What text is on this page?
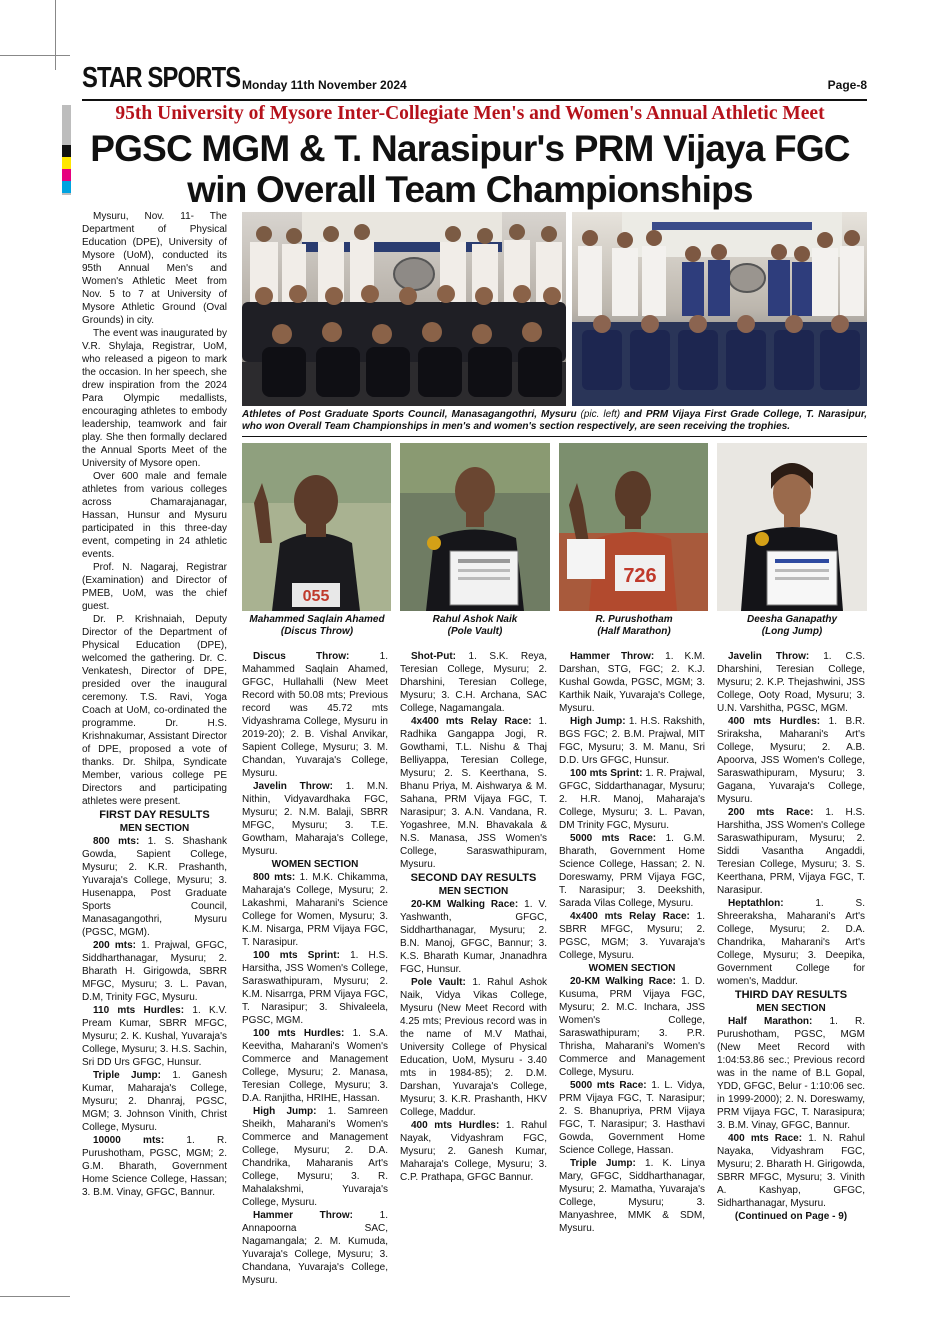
STAR SPORTS Monday 11th November 2024	Page-8
95th University of Mysore Inter-Collegiate Men's and Women's Annual Athletic Meet
PGSC MGM & T. Narasipur's PRM Vijaya FGC
win Overall Team Championships
Athletes of Post Graduate Sports Council, Manasagangothri, Mysuru (pic. left) and PRM Vijaya First Grade College, T. Narasipur, who won Overall Team Championships in men's and women's section respectively, are seen receiving the trophies.
055
726
Mahammed Saqlain Ahamed
(Discus Throw)
Rahul Ashok Naik
(Pole Vault)
R. Purushotham
(Half Marathon)
Deesha Ganapathy
(Long Jump)

Mysuru, Nov. 11- The Department of Physical Education (DPE), University of Mysore (UoM), conducted its 95th Annual Men's and Women's Athletic Meet from Nov. 5 to 7 at University of Mysore Athletic Ground (Oval Grounds) in city.

The event was inaugurated by V.R. Shylaja, Registrar, UoM, who released a pigeon to mark the occasion. In her speech, she drew inspiration from the 2024 Para Olympic medallists, encouraging athletes to embody leadership, teamwork and fair play. She then formally declared the Annual Sports Meet of the University of Mysore open.

Over 600 male and female athletes from various colleges across Chamarajanagar, Hassan, Hunsur and Mysuru participated in this three-day event, competing in 24 athletic events.

Prof. N. Nagaraj, Registrar (Examination) and Director of PMEB, UoM, was the chief guest.

Dr. P. Krishnaiah, Deputy Director of the Department of Physical Education (DPE), welcomed the gathering. Dr. C. Venkatesh, Director of DPE, presided over the inaugural ceremony. T.S. Ravi, Yoga Coach at UoM, co-ordinated the programme. Dr. H.S. Krishnakumar, Assistant Director of DPE, proposed a vote of thanks. Dr. Shilpa, Syndicate Member, various college PE Directors and participating athletes were present.

FIRST DAY RESULTS
MEN SECTION

800 mts: 1. S. Shashank Gowda, Sapient College, Mysuru; 2. K.R. Prashanth, Yuvaraja's College, Mysuru; 3. Husenappa, Post Graduate Sports Council, Manasagangothri, Mysuru (PGSC, MGM).

200 mts: 1. Prajwal, GFGC, Siddharthanagar, Mysuru; 2. Bharath H. Girigowda, SBRR MFGC, Mysuru; 3. L. Pavan, D.M, Trinity FGC, Mysuru.

110 mts Hurdles: 1. K.V. Pream Kumar, SBRR MFGC, Mysuru; 2. K. Kushal, Yuvaraja's College, Mysuru; 3. H.S. Sachin, Sri DD Urs GFGC, Hunsur.

Triple Jump: 1. Ganesh Kumar, Maharaja's College, Mysuru; 2. Dhanraj, PGSC, MGM; 3. Johnson Vinith, Christ College, Mysuru.

10000 mts: 1. R. Purushotham, PGSC, MGM; 2. G.M. Bharath, Government Home Science College, Hassan; 3. B.M. Vinay, GFGC, Bannur.

Discus Throw: 1. Mahammed Saqlain Ahamed, GFGC, Hullahalli (New Meet Record with 50.08 mts; Previous record was 45.72 mts Vidyashrama College, Mysuru in 2019-20); 2. B. Vishal Anvikar, Sapient College, Mysuru; 3. M. Chandan, Yuvaraja's College, Mysuru.

Javelin Throw: 1. M.N. Nithin, Vidyavardhaka FGC, Mysuru; 2. N.M. Balaji, SBRR MFGC, Mysuru; 3. T.E. Gowtham, Maharaja's College, Mysuru.

WOMEN SECTION

800 mts: 1. M.K. Chikamma, Maharaja's College, Mysuru; 2. Lakashmi, Maharani's Science College for Women, Mysuru; 3. K.M. Nisarga, PRM Vijaya FGC, T. Narasipur.

100 mts Sprint: 1. H.S. Harsitha, JSS Women's College, Saraswathipuram, Mysuru; 2. K.M. Nisarrga, PRM Vijaya FGC, T. Narasipur; 3. Shivaleela, PGSC, MGM.

100 mts Hurdles: 1. S.A. Keevitha, Maharani's Women's Commerce and Management College, Mysuru; 2. Manasa, Teresian College, Mysuru; 3. D.A. Ranjitha, HRIHE, Hassan.

High Jump: 1. Samreen Sheikh, Maharani's Women's Commerce and Management College, Mysuru; 2. D.A. Chandrika, Maharanis Art's College, Mysuru; 3. R. Mahalakshmi, Yuvaraja's College, Mysuru.

Hammer Throw: 1. Annapoorna SAC, Nagamangala; 2. M. Kumuda, Yuvaraja's College, Mysuru; 3. Chandana, Yuvaraja's College, Mysuru.

Shot-Put: 1. S.K. Reya, Teresian College, Mysuru; 2. Dharshini, Teresian College, Mysuru; 3. C.H. Archana, SAC College, Nagamangala.

4x400 mts Relay Race: 1. Radhika Gangappa Jogi, R. Gowthami, T.L. Nishu & Thaj Belliyappa, Teresian College, Mysuru; 2. S. Keerthana, S. Bhanu Priya, M. Aishwarya & M. Sahana, PRM Vijaya FGC, T. Narasipur; 3. A.N. Vandana, R. Yogashree, M.N. Bhavakala & N.S. Manasa, JSS Women's College, Saraswathipuram, Mysuru.

SECOND DAY RESULTS
MEN SECTION

20-KM Walking Race: 1. V. Yashwanth, GFGC, Siddharthanagar, Mysuru; 2. B.N. Manoj, GFGC, Bannur; 3. K.S. Bharath Kumar, Jnanadhra FGC, Hunsur.

Pole Vault: 1. Rahul Ashok Naik, Vidya Vikas College, Mysuru (New Meet Record with 4.25 mts; Previous record was in the name of M.V Mathai, University College of Physical Education, UoM, Mysuru - 3.40 mts in 1984-85); 2. D.M. Darshan, Yuvaraja's College, Mysuru; 3. K.R. Prashanth, HKV College, Maddur.

400 mts Hurdles: 1. Rahul Nayak, Vidyashram FGC, Mysuru; 2. Ganesh Kumar, Maharaja's College, Mysuru; 3. C.P. Prathapa, GFGC Bannur.

Hammer Throw: 1. K.M. Darshan, STG, FGC; 2. K.J. Kushal Gowda, PGSC, MGM; 3. Karthik Naik, Yuvaraja's College, Mysuru.

High Jump: 1. H.S. Rakshith, BGS FGC; 2. B.M. Prajwal, MIT FGC, Mysuru; 3. M. Manu, Sri D.D. Urs GFGC, Hunsur.

100 mts Sprint: 1. R. Prajwal, GFGC, Siddarthanagar, Mysuru; 2. H.R. Manoj, Maharaja's College, Mysuru; 3. L. Pavan, DM Trinity FGC, Mysuru.

5000 mts Race: 1. G.M. Bharath, Government Home Science College, Hassan; 2. N. Doreswamy, PRM Vijaya FGC, T. Narasipur; 3. Deekshith, Sarada Vilas College, Mysuru.

4x400 mts Relay Race: 1. SBRR MFGC, Mysuru; 2. PGSC, MGM; 3. Yuvaraja's College, Mysuru.

WOMEN SECTION

20-KM Walking Race: 1. D. Kusuma, PRM Vijaya FGC, Mysuru; 2. M.C. Inchara, JSS Women's College, Saraswathipuram; 3. P.R. Thrisha, Maharani's Women's Commerce and Management College, Mysuru.

5000 mts Race: 1. L. Vidya, PRM Vijaya FGC, T. Narasipur; 2. S. Bhanupriya, PRM Vijaya FGC, T. Narasipur; 3. Hasthavi Gowda, Government Home Science College, Hassan.

Triple Jump: 1. K. Linya Mary, GFGC, Siddharthanagar, Mysuru; 2. Mamatha, Yuvaraja's College, Mysuru; 3. Manyashree, MMK & SDM, Mysuru.

Javelin Throw: 1. C.S. Dharshini, Teresian College, Mysuru; 2. K.P. Thejashwini, JSS College, Ooty Road, Mysuru; 3. U.N. Varshitha, PGSC, MGM.

400 mts Hurdles: 1. B.R. Sriraksha, Maharani's Art's College, Mysuru; 2. A.B. Apoorva, JSS Women's College, Saraswathipuram, Mysuru; 3. Gagana, Yuvaraja's College, Mysuru.

200 mts Race: 1. H.S. Harshitha, JSS Women's College Saraswathipuram, Mysuru; 2. Siddi Vasantha Angaddi, Teresian College, Mysuru; 3. S. Keerthana, PRM, Vijaya FGC, T. Narasipur.

Heptathlon: 1. S. Shreeraksha, Maharani's Art's College, Mysuru; 2. D.A. Chandrika, Maharani's Art's College, Mysuru; 3. Deepika, Government College for women's, Maddur.

THIRD DAY RESULTS
MEN SECTION

Half Marathon: 1. R. Purushotham, PGSC, MGM (New Meet Record with 1:04:53.86 sec.; Previous record was in the name of B.L Gopal, YDD, GFGC, Belur - 1:10:06 sec. in 1999-2000); 2. N. Doreswamy, PRM Vijaya FGC, T. Narasipura; 3. B.M. Vinay, GFGC, Bannur.

400 mts Race: 1. N. Rahul Nayaka, Vidyashram FGC, Mysuru; 2. Bharath H. Girigowda, SBRR MFGC, Mysuru; 3. Vinith A. Kashyap, GFGC, Sidharthanagar, Mysuru.

(Continued on Page - 9)
